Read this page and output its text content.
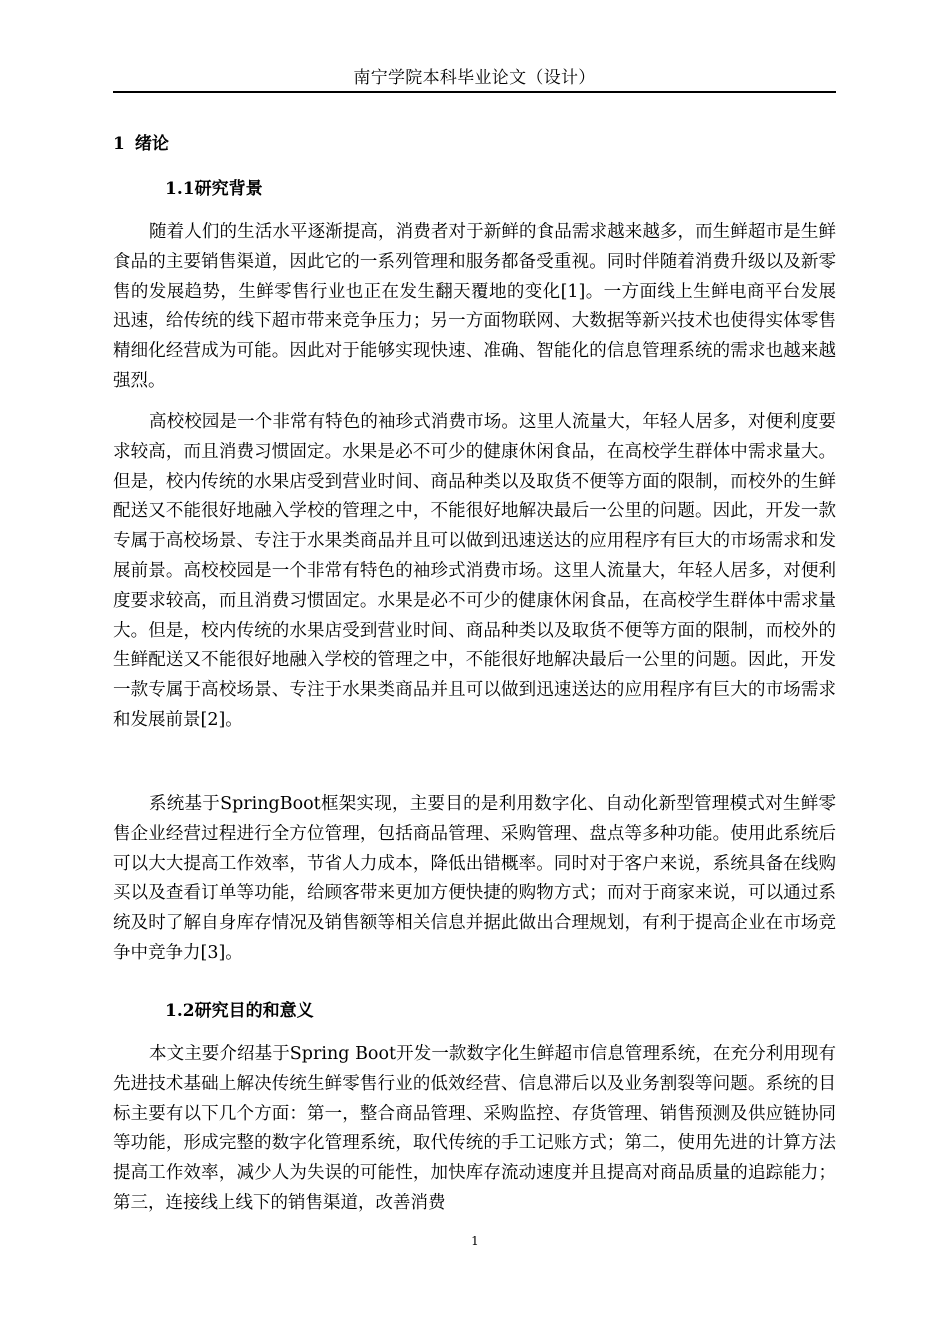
南宁学院本科毕业论文（设计）
1 绪论
1.1研究背景

随着人们的生活水平逐渐提高，消费者对于新鲜的食品需求越来越多，而生鲜超市是生鲜食品的主要销售渠道，因此它的一系列管理和服务都备受重视。同时伴随着消费升级以及新零售的发展趋势，生鲜零售行业也正在发生翻天覆地的变化[1]。一方面线上生鲜电商平台发展迅速，给传统的线下超市带来竞争压力；另一方面物联网、大数据等新兴技术也使得实体零售精细化经营成为可能。因此对于能够实现快速、准确、智能化的信息管理系统的需求也越来越强烈。

高校校园是一个非常有特色的袖珍式消费市场。这里人流量大，年轻人居多，对便利度要求较高，而且消费习惯固定。水果是必不可少的健康休闲食品，在高校学生群体中需求量大。但是，校内传统的水果店受到营业时间、商品种类以及取货不便等方面的限制，而校外的生鲜配送又不能很好地融入学校的管理之中，不能很好地解决最后一公里的问题。因此，开发一款专属于高校场景、专注于水果类商品并且可以做到迅速送达的应用程序有巨大的市场需求和发展前景。高校校园是一个非常有特色的袖珍式消费市场。这里人流量大，年轻人居多，对便利度要求较高，而且消费习惯固定。水果是必不可少的健康休闲食品，在高校学生群体中需求量大。但是，校内传统的水果店受到营业时间、商品种类以及取货不便等方面的限制，而校外的生鲜配送又不能很好地融入学校的管理之中，不能很好地解决最后一公里的问题。因此，开发一款专属于高校场景、专注于水果类商品并且可以做到迅速送达的应用程序有巨大的市场需求和发展前景[2]。

系统基于SpringBoot框架实现，主要目的是利用数字化、自动化新型管理模式对生鲜零售企业经营过程进行全方位管理，包括商品管理、采购管理、盘点等多种功能。使用此系统后可以大大提高工作效率，节省人力成本，降低出错概率。同时对于客户来说，系统具备在线购买以及查看订单等功能，给顾客带来更加方便快捷的购物方式；而对于商家来说，可以通过系统及时了解自身库存情况及销售额等相关信息并据此做出合理规划，有利于提高企业在市场竞争中竞争力[3]。

1.2研究目的和意义

本文主要介绍基于Spring Boot开发一款数字化生鲜超市信息管理系统，在充分利用现有先进技术基础上解决传统生鲜零售行业的低效经营、信息滞后以及业务割裂等问题。系统的目标主要有以下几个方面：第一，整合商品管理、采购监控、存货管理、销售预测及供应链协同等功能，形成完整的数字化管理系统，取代传统的手工记账方式；第二，使用先进的计算方法提高工作效率，减少人为失误的可能性，加快库存流动速度并且提高对商品质量的追踪能力；第三，连接线上线下的销售渠道，改善消费

1
